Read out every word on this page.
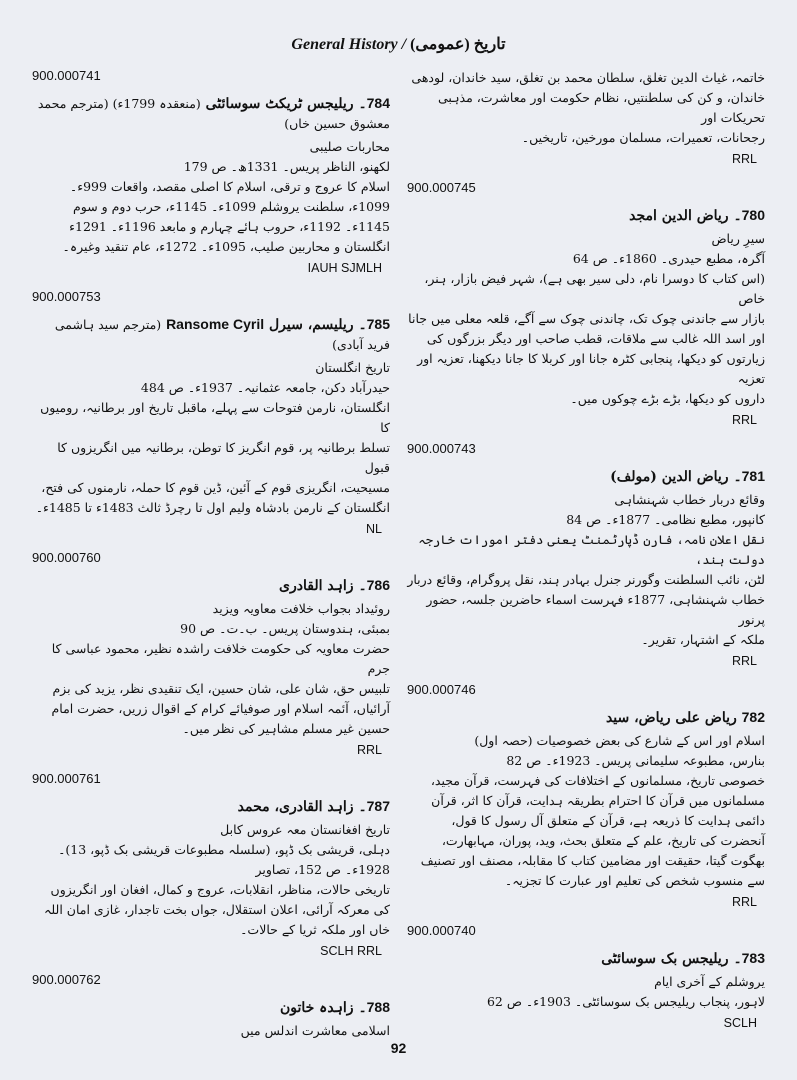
General History / تاریخ (عمومی)
900.000741
784۔ ریلیجس ٹریکٹ سوسائٹی (منعقدہ 1799ء) (مترجم محمد معشوق حسین خاں)

محاربات صلیبی

لکھنو، الناظر پریس۔ 1331ھ۔ ص 179

اسلام کا عروج و ترقی، اسلام کا اصلی مقصد، واقعات 999ء۔

1099ء، سلطنت یروشلم 1099ء۔ 1145ء، حرب دوم و سوم

1145ء۔ 1192ء، حروب ہائے چہارم و مابعد 1196ء۔ 1291ء

انگلستان و محاربین صلیب، 1095ء۔ 1272ء، عام تنقید وغیرہ۔

IAUH SJMLH
900.000753
785۔ ریلیسم، سیرل Ransome Cyril (مترجم سید ہاشمی فرید آبادی)

تاریخ انگلستان

حیدرآباد دکن، جامعہ عثمانیہ۔ 1937ء۔ ص 484

انگلستان، نارمن فتوحات سے پہلے، ماقبل تاریخ اور برطانیہ، رومیوں کا

تسلط برطانیہ پر، قوم انگریز کا توطن، برطانیہ میں انگریزوں کا قبول

مسیحیت، انگریزی قوم کے آئین، ڈین قوم کا حملہ، نارمنوں کی فتح،

انگلستان کے نارمن بادشاہ ولیم اول تا رچرڈ ثالث 1483ء تا 1485ء۔

NL
900.000760
786۔ زاہد القادری

روئیداد بجواب خلافت معاویہ ویزید

بمبئی، ہندوستان پریس۔ ب۔ت۔ ص 90

حضرت معاویہ کی حکومت خلافت راشدہ نظیر، محمود عباسی کا جرم

تلبیس حق، شان علی، شان حسین، ایک تنقیدی نظر، یزید کی بزم

آرائیاں، آئمہ اسلام اور صوفیائے کرام کے اقوال زریں، حضرت امام

حسین غیر مسلم مشاہیر کی نظر میں۔

RRL
900.000761
787۔ زاہد القادری، محمد

تاریخ افغانستان معہ عروس کابل

دہلی، قریشی بک ڈپو، (سلسلہ مطبوعات قریشی بک ڈپو، 13)۔

1928ء۔ ص 152، تصاویر

تاریخی حالات، مناظر، انقلابات، عروج و کمال، افغان اور انگریزوں

کی معرکہ آرائی، اعلان استقلال، جواں بخت تاجدار، غازی امان اللہ

خاں اور ملکہ ثریا کے حالات۔

SCLH RRL
900.000762
788۔ زاہدہ خاتون

اسلامی معاشرت اندلس میں

خاتمہ، غیاث الدین تغلق، سلطان محمد بن تغلق، سید خاندان، لودھی

خاندان، و کن کی سلطنتیں، نظام حکومت اور معاشرت، مذہبی تحریکات اور

رجحانات، تعمیرات، مسلمان مورخین، تاریخیں۔

RRL
900.000745
780۔ ریاض الدین امجد

سیرِ ریاض

آگرہ، مطبع حیدری۔ 1860ء۔ ص 64

(اس کتاب کا دوسرا نام، دلی سیر بھی ہے)، شہر فیض بازار، ہنر، خاص

بازار سے جاندنی چوک تک، چاندنی چوک سے آگے، قلعہ معلی میں جانا

اور اسد اللہ غالب سے ملاقات، قطب صاحب اور دیگر بزرگوں کی

زیارتوں کو دیکھا، پنجابی کٹرہ جانا اور کربلا کا جانا دیکھنا، تعزیہ اور تعزیہ

داروں کو دیکھا، بڑے بڑے چوکوں میں۔

RRL
900.000743
781۔ ریاض الدین (مولف)

وقائع دربار خطاب شہنشاہی

کانپور، مطبع نظامی۔ 1877ء۔ ص 84

نقل اعلان نامہ، فارن ڈپارٹمنٹ یعنی دفتر امورات خارجہ دولت ہند،

لٹن، نائب السلطنت وگورنر جنرل بہادر ہند، نقل پروگرام، وقائع دربار

خطاب شہنشاہی، 1877ء فہرست اسماء حاضرین جلسہ، حضور پرنور

ملکہ کے اشتہار، تقریر۔

RRL
900.000746
782 ریاض علی ریاض، سید

اسلام اور اس کے شارع کی بعض خصوصیات (حصہ اول)

بنارس، مطبوعہ سلیمانی پریس۔ 1923ء۔ ص 82

خصوصی تاریخ، مسلمانوں کے اختلافات کی فہرست، قرآن مجید،

مسلمانوں میں قرآن کا احترام بطریقہ ہدایت، قرآن کا اثر، قرآن

دائمی ہدایت کا ذریعہ ہے، قرآن کے متعلق آل رسول کا قول،

آنحضرت کی تاریخ، علم کے متعلق بحث، وید، پوران، مہابھارت،

بھگوت گیتا، حقیقت اور مضامین کتاب کا مقابلہ، مصنف اور تصنیف

سے منسوب شخص کی تعلیم اور عبارت کا تجزیہ۔

RRL
900.000740
783۔ ریلیجس بک سوسائٹی

یروشلم کے آخری ایام

لاہور، پنجاب ریلیجس بک سوسائٹی۔ 1903ء۔ ص 62

SCLH
92
